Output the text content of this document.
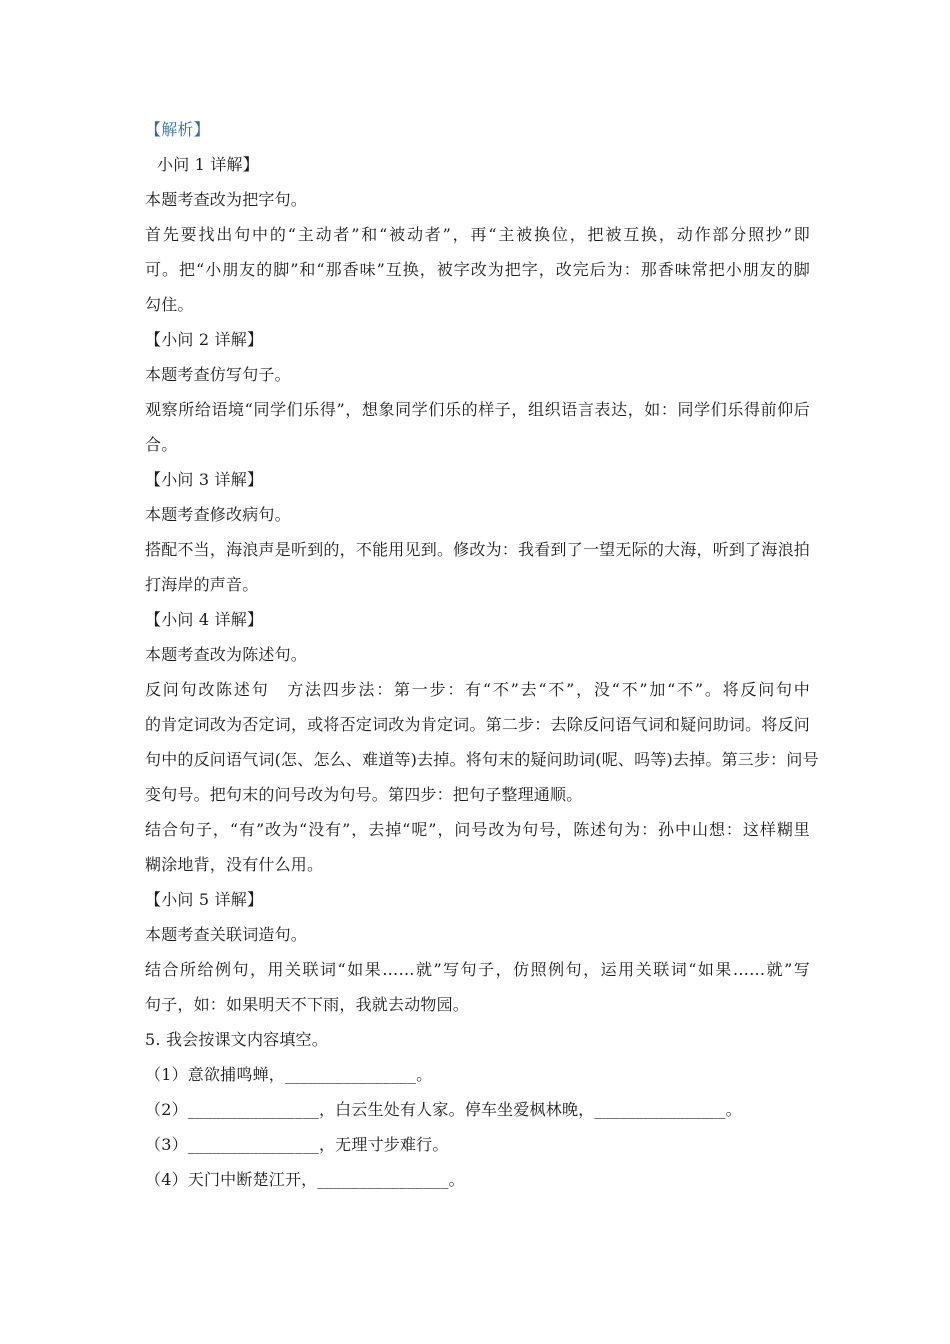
【解析】
小问 1 详解】
本题考查改为把字句。
首先要找出句中的“主动者”和“被动者”，再“主被换位，把被互换，动作部分照抄”即
可。把“小朋友的脚”和“那香味”互换，被字改为把字，改完后为：那香味常把小朋友的脚
勾住。
【小问 2 详解】
本题考查仿写句子。
观察所给语境“同学们乐得”，想象同学们乐的样子，组织语言表达，如：同学们乐得前仰后
合。
【小问 3 详解】
本题考查修改病句。
搭配不当，海浪声是听到的，不能用见到。修改为：我看到了一望无际的大海，听到了海浪拍
打海岸的声音。
【小问 4 详解】
本题考查改为陈述句。
反问句改陈述句　方法四步法：第一步：有“不”去“不”，没“不”加“不”。将反问句中
的肯定词改为否定词，或将否定词改为肯定词。第二步：去除反问语气词和疑问助词。将反问
句中的反问语气词(怎、怎么、难道等)去掉。将句末的疑问助词(呢、吗等)去掉。第三步：问号
变句号。把句末的问号改为句号。第四步：把句子整理通顺。
结合句子，“有”改为“没有”，去掉“呢”，问号改为句号，陈述句为：孙中山想：这样糊里
糊涂地背，没有什么用。
【小问 5 详解】
本题考查关联词造句。
结合所给例句，用关联词“如果……就”写句子，仿照例句，运用关联词“如果……就”写
句子，如：如果明天不下雨，我就去动物园。
5. 我会按课文内容填空。
（1）意欲捕鸣蝉，________________。
（2）________________，白云生处有人家。停车坐爱枫林晚，________________。
（3）________________，无理寸步难行。
（4）天门中断楚江开，________________。
